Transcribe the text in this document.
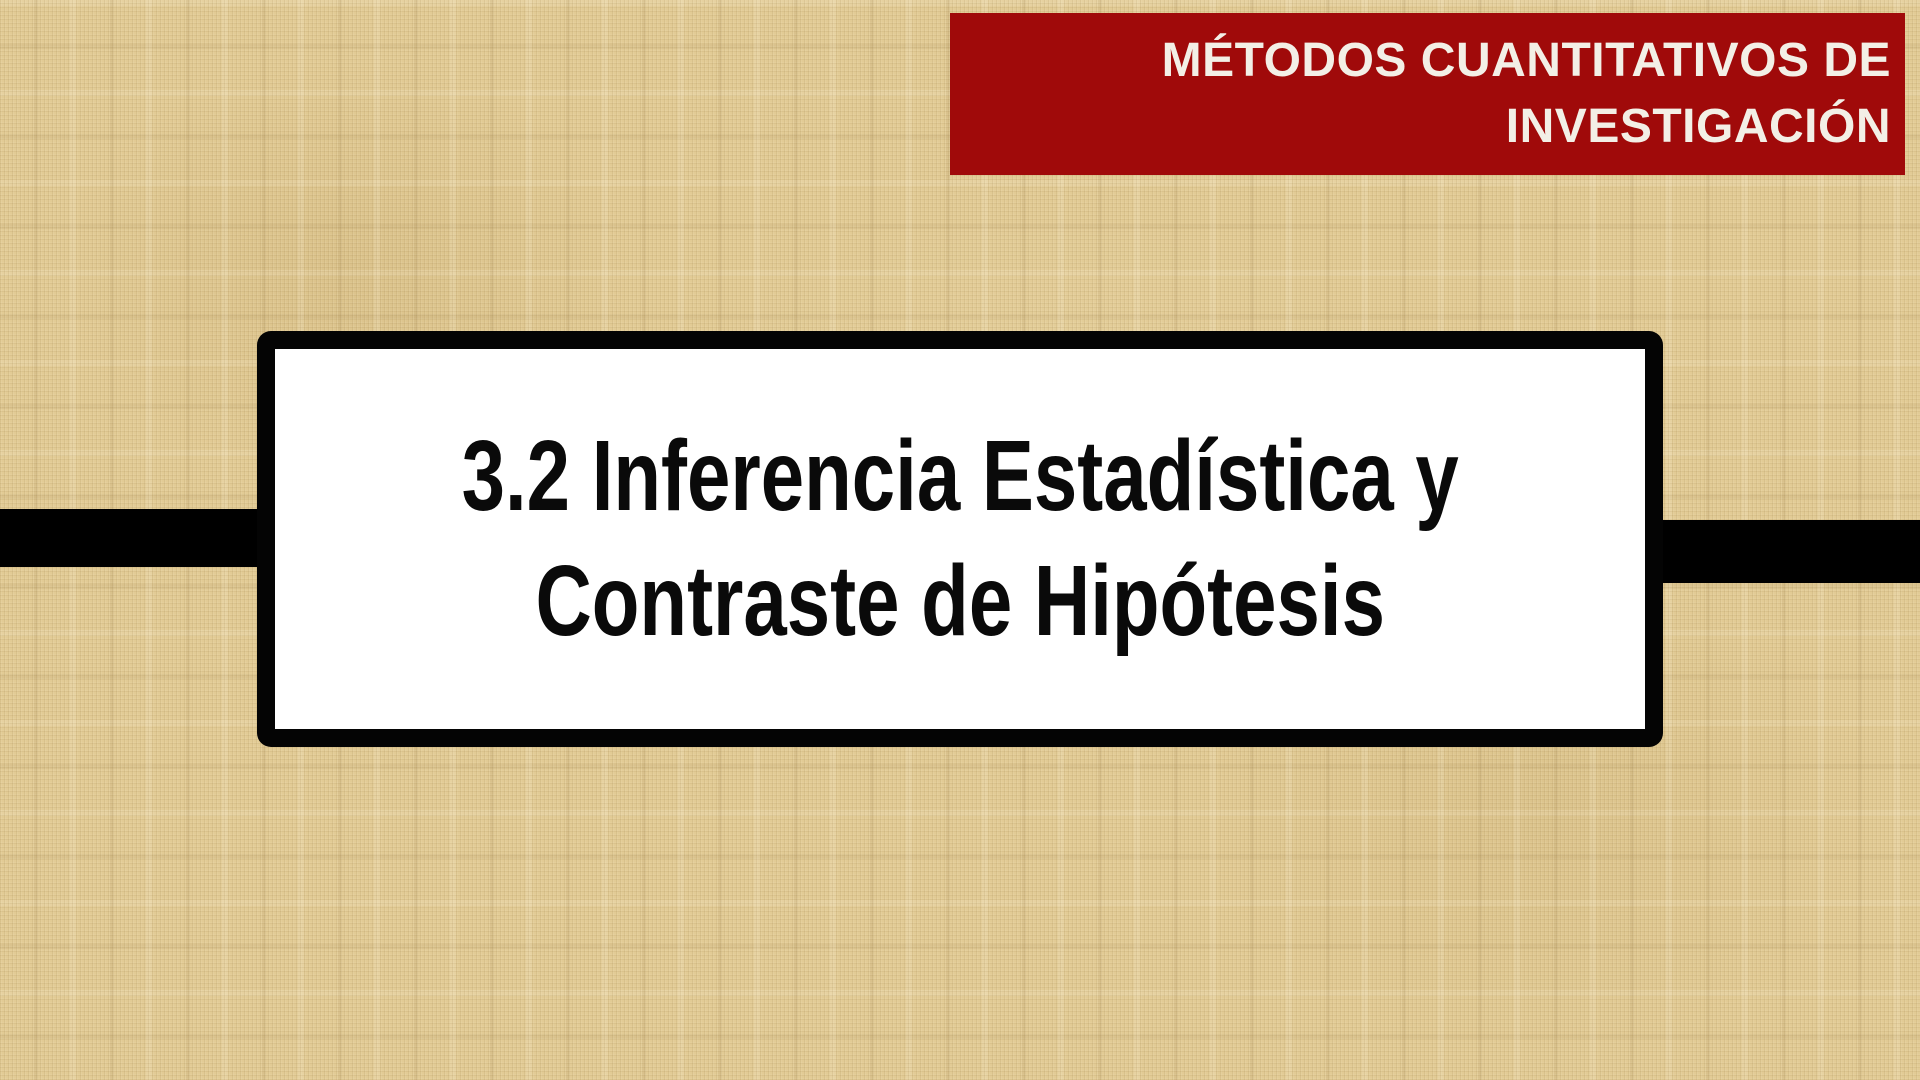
MÉTODOS CUANTITATIVOS DE
INVESTIGACIÓN
3.2 Inferencia Estadística y
Contraste de Hipótesis
